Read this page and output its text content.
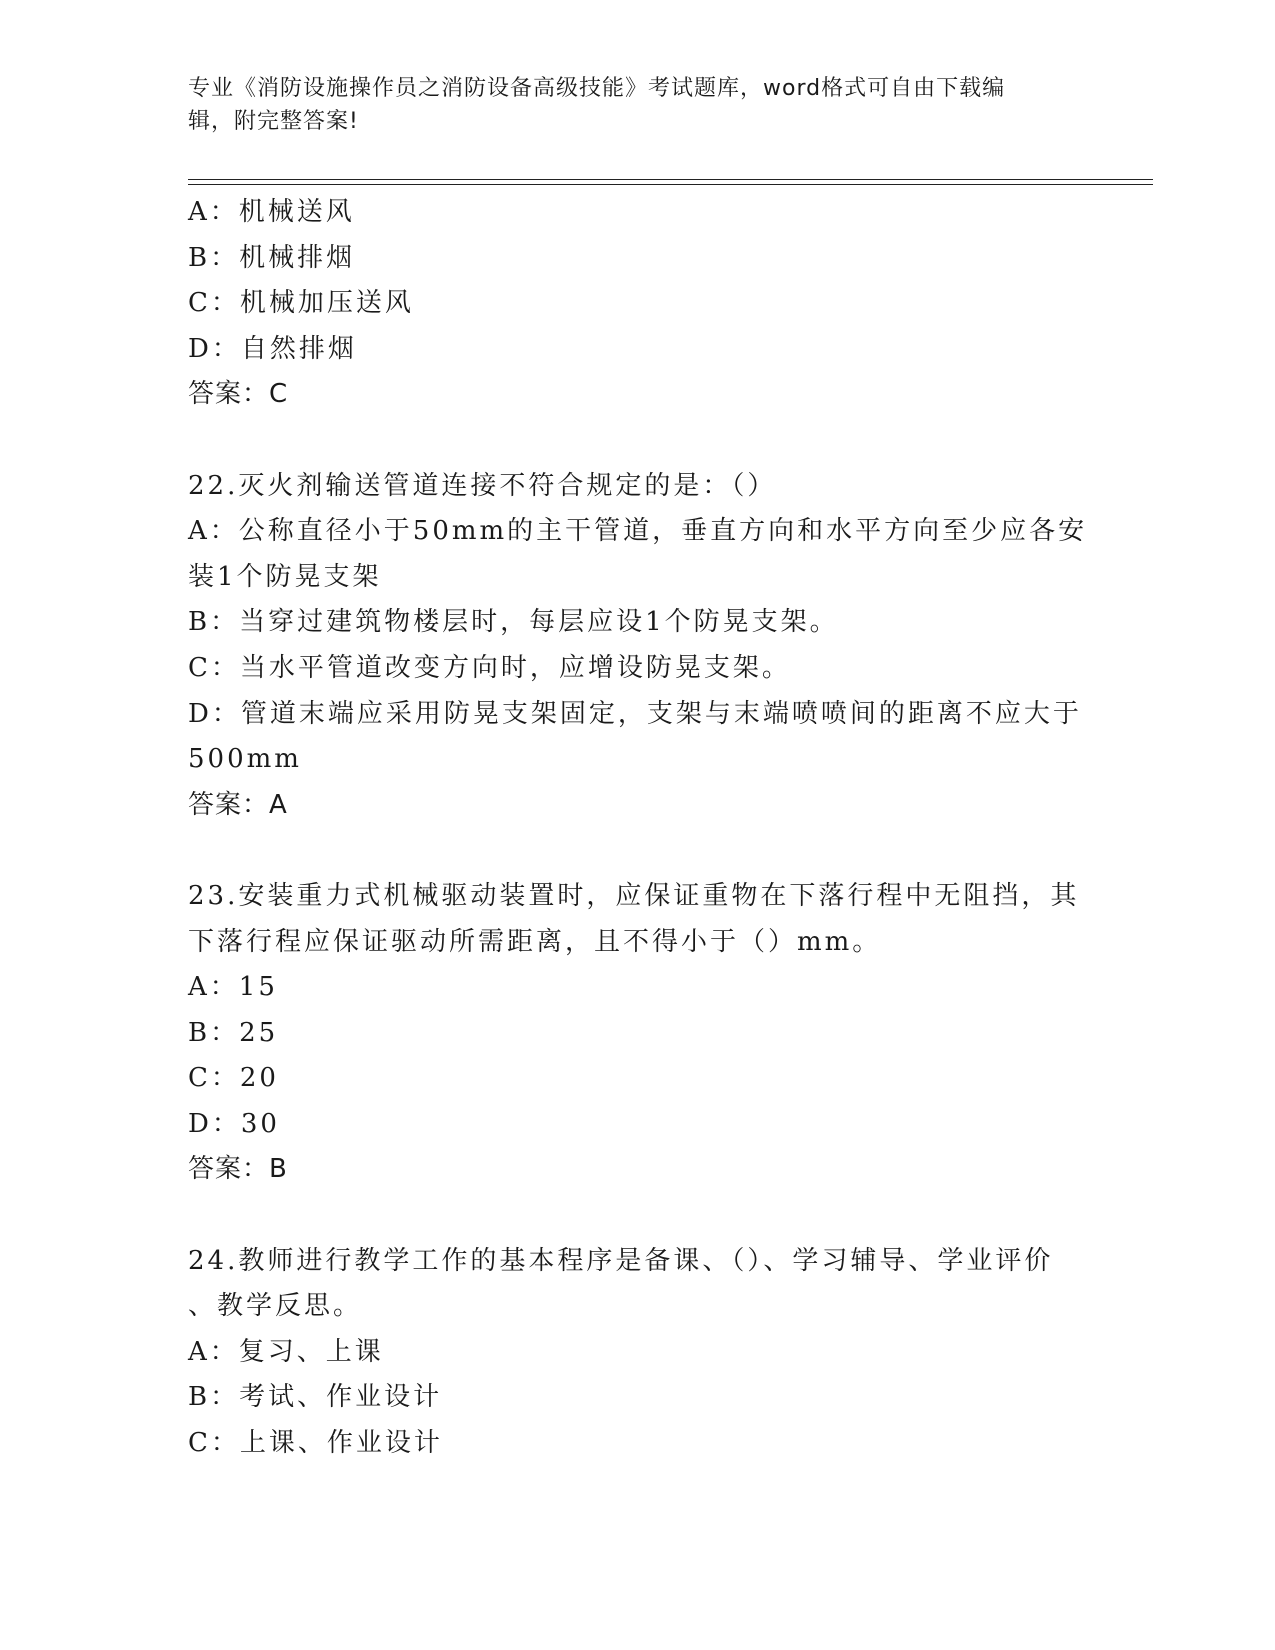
专业《消防设施操作员之消防设备高级技能》考试题库，word格式可自由下载编
辑，附完整答案!
A：机械送风
B：机械排烟
C：机械加压送风
D：自然排烟
答案：C
22.灭火剂输送管道连接不符合规定的是：（）
A：公称直径小于50mm的主干管道，垂直方向和水平方向至少应各安
装1个防晃支架
B：当穿过建筑物楼层时，每层应设1个防晃支架。
C：当水平管道改变方向时，应增设防晃支架。
D：管道末端应采用防晃支架固定，支架与末端喷喷间的距离不应大于
500mm
答案：A
23.安装重力式机械驱动装置时，应保证重物在下落行程中无阻挡，其
下落行程应保证驱动所需距离，且不得小于（）mm。
A：15
B：25
C：20
D：30
答案：B
24.教师进行教学工作的基本程序是备课、（）、学习辅导、学业评价
、教学反思。
A：复习、上课
B：考试、作业设计
C：上课、作业设计
